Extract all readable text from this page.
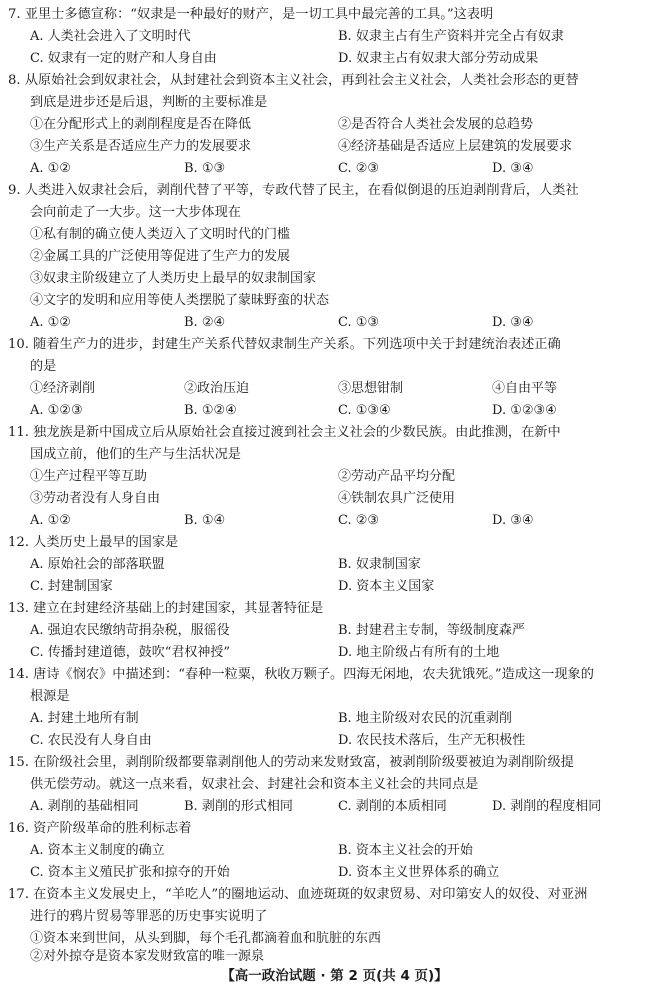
7. 亚里士多德宣称：“奴隶是一种最好的财产，是一切工具中最完善的工具。”这表明
A. 人类社会进入了文明时代	B. 奴隶主占有生产资料并完全占有奴隶
C. 奴隶有一定的财产和人身自由	D. 奴隶主占有奴隶大部分劳动成果
8. 从原始社会到奴隶社会，从封建社会到资本主义社会，再到社会主义社会，人类社会形态的更替
到底是进步还是后退，判断的主要标准是
①在分配形式上的剥削程度是否在降低	②是否符合人类社会发展的总趋势
③生产关系是否适应生产力的发展要求	④经济基础是否适应上层建筑的发展要求
A. ①②	B. ①③	C. ②③	D. ③④
9. 人类进入奴隶社会后，剥削代替了平等，专政代替了民主，在看似倒退的压迫剥削背后，人类社
会向前走了一大步。这一大步体现在
①私有制的确立使人类迈入了文明时代的门槛
②金属工具的广泛使用等促进了生产力的发展
③奴隶主阶级建立了人类历史上最早的奴隶制国家
④文字的发明和应用等使人类摆脱了蒙昧野蛮的状态
A. ①②	B. ②④	C. ①③	D. ③④
10. 随着生产力的进步，封建生产关系代替奴隶制生产关系。下列选项中关于封建统治表述正确
的是
①经济剥削	②政治压迫	③思想钳制	④自由平等
A. ①②③	B. ①②④	C. ①③④	D. ①②③④
11. 独龙族是新中国成立后从原始社会直接过渡到社会主义社会的少数民族。由此推测，在新中
国成立前，他们的生产与生活状况是
①生产过程平等互助	②劳动产品平均分配
③劳动者没有人身自由	④铁制农具广泛使用
A. ①②	B. ①④	C. ②③	D. ③④
12. 人类历史上最早的国家是
A. 原始社会的部落联盟	B. 奴隶制国家
C. 封建制国家	D. 资本主义国家
13. 建立在封建经济基础上的封建国家，其显著特征是
A. 强迫农民缴纳苛捐杂税，服徭役	B. 封建君主专制，等级制度森严
C. 传播封建道德，鼓吹“君权神授”	D. 地主阶级占有所有的土地
14. 唐诗《悯农》中描述到：“春种一粒粟，秋收万颗子。四海无闲地，农夫犹饿死。”造成这一现象的
根源是
A. 封建土地所有制	B. 地主阶级对农民的沉重剥削
C. 农民没有人身自由	D. 农民技术落后，生产无积极性
15. 在阶级社会里，剥削阶级都要靠剥削他人的劳动来发财致富，被剥削阶级要被迫为剥削阶级提
供无偿劳动。就这一点来看，奴隶社会、封建社会和资本主义社会的共同点是
A. 剥削的基础相同	B. 剥削的形式相同	C. 剥削的本质相同	D. 剥削的程度相同
16. 资产阶级革命的胜利标志着
A. 资本主义制度的确立	B. 资本主义社会的开始
C. 资本主义殖民扩张和掠夺的开始	D. 资本主义世界体系的确立
17. 在资本主义发展史上，“羊吃人”的圈地运动、血迹斑斑的奴隶贸易、对印第安人的奴役、对亚洲
进行的鸦片贸易等罪恶的历史事实说明了
①资本来到世间，从头到脚，每个毛孔都滴着血和肮脏的东西
②对外掠夺是资本家发财致富的唯一源泉
【高一政治试题 · 第 2 页(共 4 页)】
